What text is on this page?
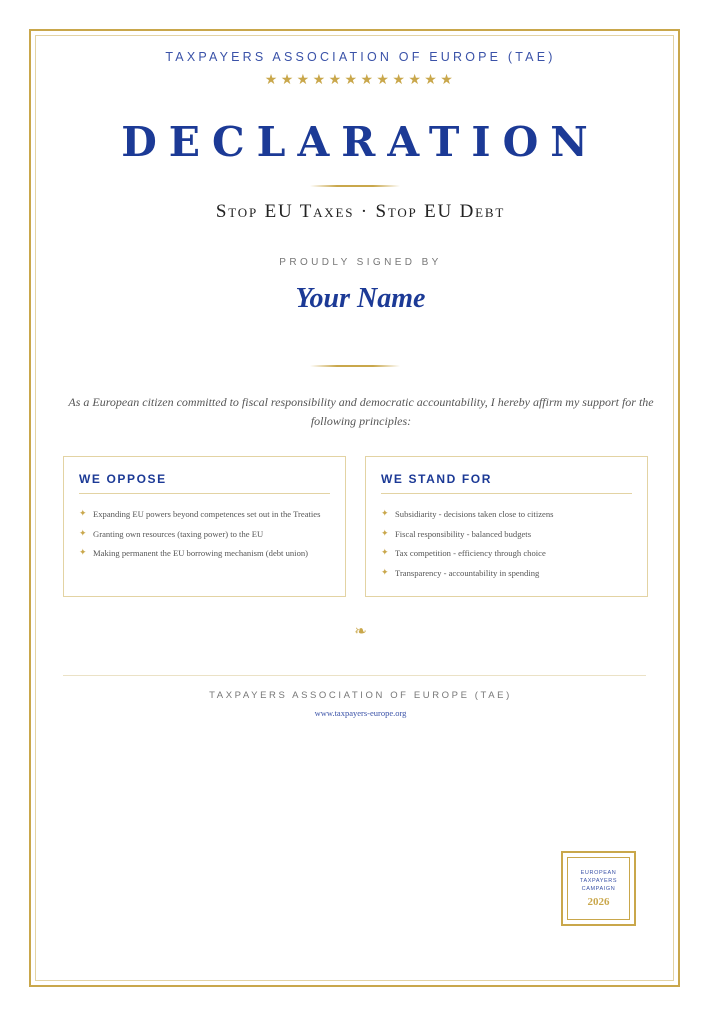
TAXPAYERS ASSOCIATION OF EUROPE (TAE)
★★★★★★★★★★★★
DECLARATION
Stop EU Taxes · Stop EU Debt
PROUDLY SIGNED BY
Your Name
As a European citizen committed to fiscal responsibility and democratic accountability, I hereby affirm my support for the following principles:
WE OPPOSE
✦ Expanding EU powers beyond competences set out in the Treaties
✦ Granting own resources (taxing power) to the EU
✦ Making permanent the EU borrowing mechanism (debt union)
WE STAND FOR
✦ Subsidiarity - decisions taken close to citizens
✦ Fiscal responsibility - balanced budgets
✦ Tax competition - efficiency through choice
✦ Transparency - accountability in spending
❧
TAXPAYERS ASSOCIATION OF EUROPE (TAE)
www.taxpayers-europe.org
EUROPEAN
TAXPAYERS
CAMPAIGN
2026
